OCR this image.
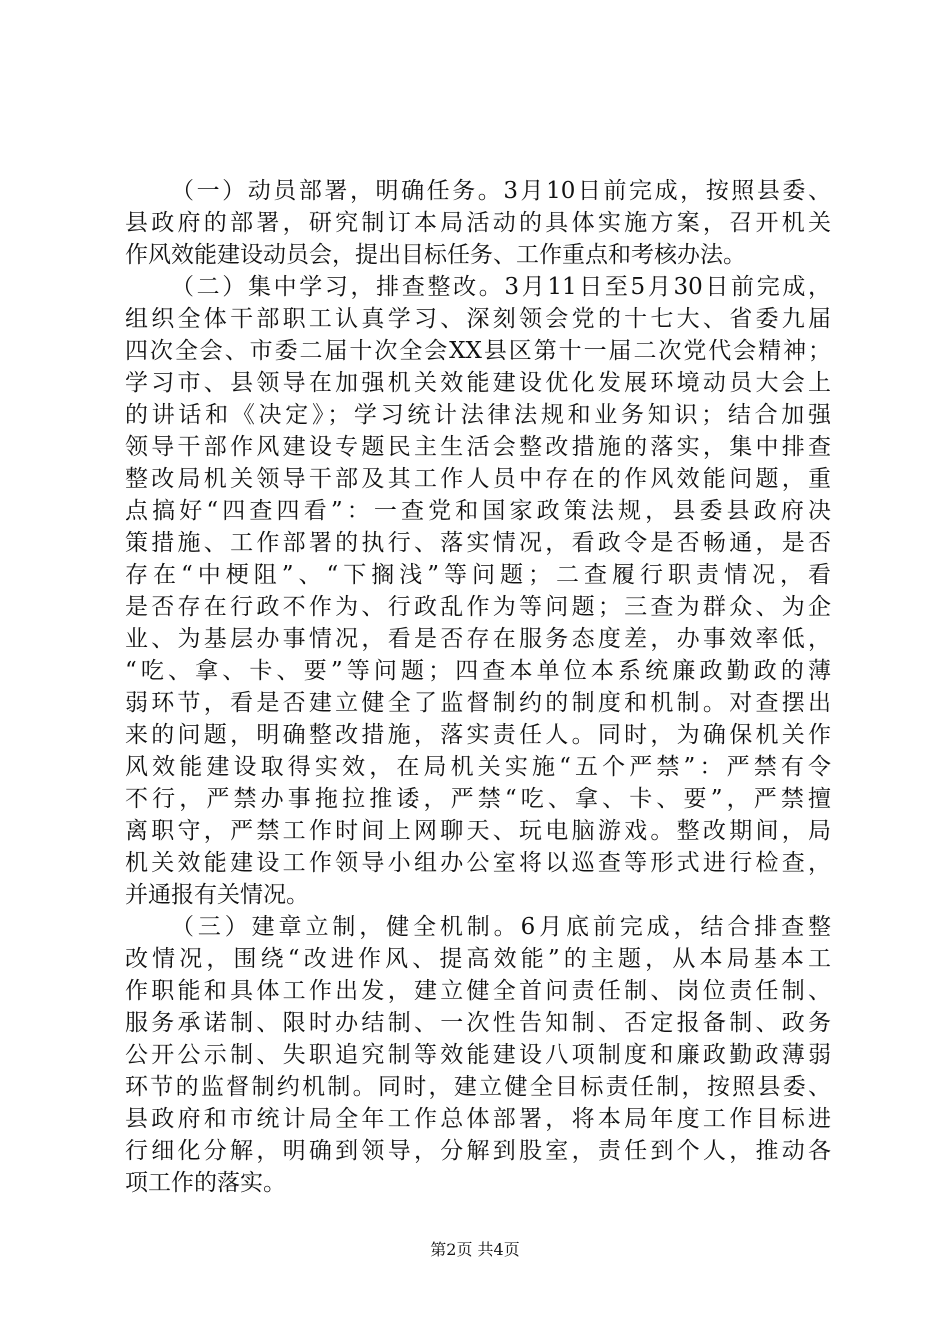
（一）动员部署，明确任务。3月10日前完成，按照县委、
县政府的部署，研究制订本局活动的具体实施方案，召开机关
作风效能建设动员会，提出目标任务、工作重点和考核办法。
（二）集中学习，排查整改。3月11日至5月30日前完成，
组织全体干部职工认真学习、深刻领会党的十七大、省委九届
四次全会、市委二届十次全会XX县区第十一届二次党代会精神；
学习市、县领导在加强机关效能建设优化发展环境动员大会上
的讲话和《决定》；学习统计法律法规和业务知识；结合加强
领导干部作风建设专题民主生活会整改措施的落实，集中排查
整改局机关领导干部及其工作人员中存在的作风效能问题，重
点搞好“四查四看”：一查党和国家政策法规，县委县政府决
策措施、工作部署的执行、落实情况，看政令是否畅通，是否
存在“中梗阻”、“下搁浅”等问题；二查履行职责情况，看
是否存在行政不作为、行政乱作为等问题；三查为群众、为企
业、为基层办事情况，看是否存在服务态度差，办事效率低，
“吃、拿、卡、要”等问题；四查本单位本系统廉政勤政的薄
弱环节，看是否建立健全了监督制约的制度和机制。对查摆出
来的问题，明确整改措施，落实责任人。同时，为确保机关作
风效能建设取得实效，在局机关实施“五个严禁”：严禁有令
不行，严禁办事拖拉推诿，严禁“吃、拿、卡、要”，严禁擅
离职守，严禁工作时间上网聊天、玩电脑游戏。整改期间，局
机关效能建设工作领导小组办公室将以巡查等形式进行检查，
并通报有关情况。
（三）建章立制，健全机制。6月底前完成，结合排查整
改情况，围绕“改进作风、提高效能”的主题，从本局基本工
作职能和具体工作出发，建立健全首问责任制、岗位责任制、
服务承诺制、限时办结制、一次性告知制、否定报备制、政务
公开公示制、失职追究制等效能建设八项制度和廉政勤政薄弱
环节的监督制约机制。同时，建立健全目标责任制，按照县委、
县政府和市统计局全年工作总体部署，将本局年度工作目标进
行细化分解，明确到领导，分解到股室，责任到个人，推动各
项工作的落实。
第2页 共4页
